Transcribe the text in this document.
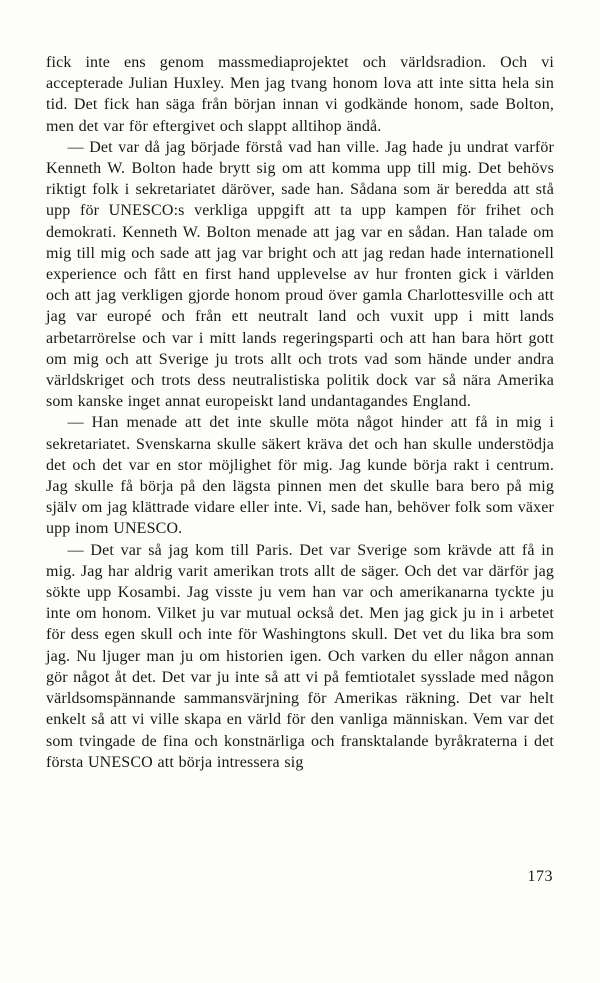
fick inte ens genom massmediaprojektet och världsradion. Och vi accepterade Julian Huxley. Men jag tvang honom lova att inte sitta hela sin tid. Det fick han säga från början innan vi godkände honom, sade Bolton, men det var för eftergivet och slappt alltihop ändå.

— Det var då jag började förstå vad han ville. Jag hade ju undrat varför Kenneth W. Bolton hade brytt sig om att komma upp till mig. Det behövs riktigt folk i sekretariatet däröver, sade han. Sådana som är beredda att stå upp för UNESCO:s verkliga uppgift att ta upp kampen för frihet och demokrati. Kenneth W. Bolton menade att jag var en sådan. Han talade om mig till mig och sade att jag var bright och att jag redan hade internationell experience och fått en first hand upplevelse av hur fronten gick i världen och att jag verkligen gjorde honom proud över gamla Charlottesville och att jag var europé och från ett neutralt land och vuxit upp i mitt lands arbetarrörelse och var i mitt lands regeringsparti och att han bara hört gott om mig och att Sverige ju trots allt och trots vad som hände under andra världskriget och trots dess neutralistiska politik dock var så nära Amerika som kanske inget annat europeiskt land undantagandes England.

— Han menade att det inte skulle möta något hinder att få in mig i sekretariatet. Svenskarna skulle säkert kräva det och han skulle understödja det och det var en stor möjlighet för mig. Jag kunde börja rakt i centrum. Jag skulle få börja på den lägsta pinnen men det skulle bara bero på mig själv om jag klättrade vidare eller inte. Vi, sade han, behöver folk som växer upp inom UNESCO.

— Det var så jag kom till Paris. Det var Sverige som krävde att få in mig. Jag har aldrig varit amerikan trots allt de säger. Och det var därför jag sökte upp Kosambi. Jag visste ju vem han var och amerikanarna tyckte ju inte om honom. Vilket ju var mutual också det. Men jag gick ju in i arbetet för dess egen skull och inte för Washingtons skull. Det vet du lika bra som jag. Nu ljuger man ju om historien igen. Och varken du eller någon annan gör något åt det. Det var ju inte så att vi på femtiotalet sysslade med någon världsomspännande sammansvärjning för Amerikas räkning. Det var helt enkelt så att vi ville skapa en värld för den vanliga människan. Vem var det som tvingade de fina och konstnärliga och fransktalande byråkraterna i det första UNESCO att börja intressera sig

173
